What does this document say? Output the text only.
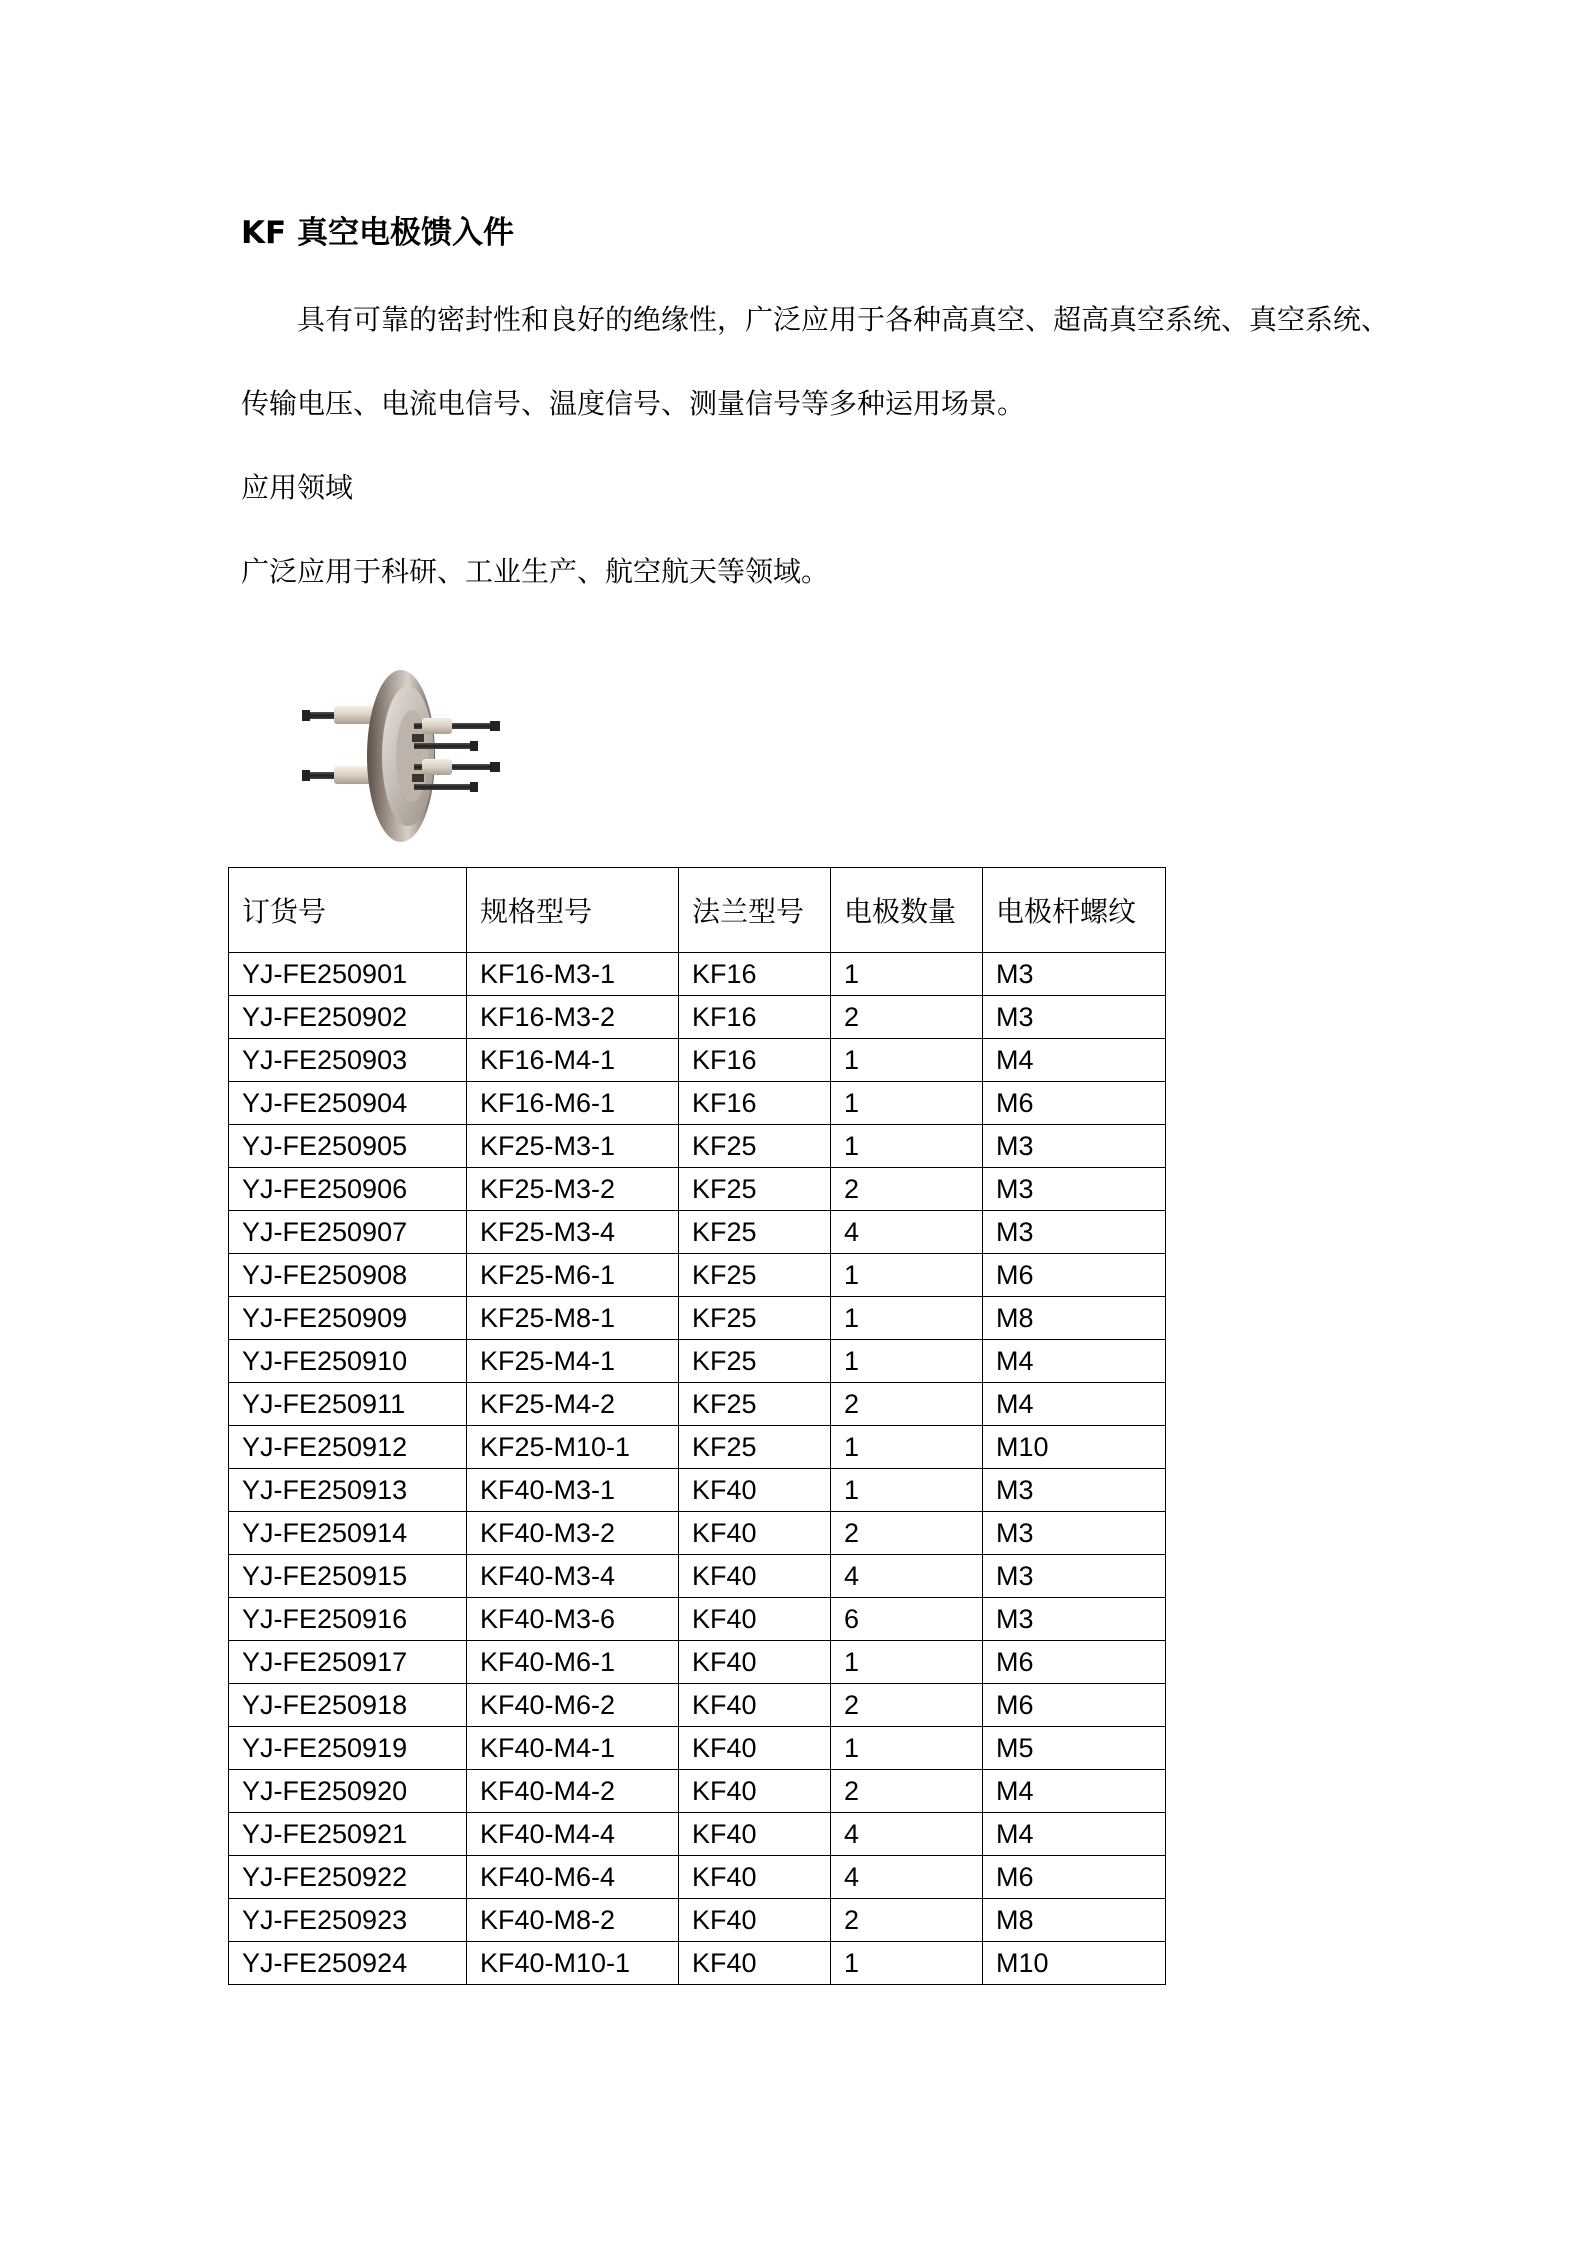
KF 真空电极馈入件
具有可靠的密封性和良好的绝缘性，广泛应用于各种高真空、超高真空系统、真空系统、
传输电压、电流电信号、温度信号、测量信号等多种运用场景。
应用领域
广泛应用于科研、工业生产、航空航天等领域。
订货号	规格型号	法兰型号	电极数量	电极杆螺纹
YJ-FE250901	KF16-M3-1	KF16	1	M3
YJ-FE250902	KF16-M3-2	KF16	2	M3
YJ-FE250903	KF16-M4-1	KF16	1	M4
YJ-FE250904	KF16-M6-1	KF16	1	M6
YJ-FE250905	KF25-M3-1	KF25	1	M3
YJ-FE250906	KF25-M3-2	KF25	2	M3
YJ-FE250907	KF25-M3-4	KF25	4	M3
YJ-FE250908	KF25-M6-1	KF25	1	M6
YJ-FE250909	KF25-M8-1	KF25	1	M8
YJ-FE250910	KF25-M4-1	KF25	1	M4
YJ-FE250911	KF25-M4-2	KF25	2	M4
YJ-FE250912	KF25-M10-1	KF25	1	M10
YJ-FE250913	KF40-M3-1	KF40	1	M3
YJ-FE250914	KF40-M3-2	KF40	2	M3
YJ-FE250915	KF40-M3-4	KF40	4	M3
YJ-FE250916	KF40-M3-6	KF40	6	M3
YJ-FE250917	KF40-M6-1	KF40	1	M6
YJ-FE250918	KF40-M6-2	KF40	2	M6
YJ-FE250919	KF40-M4-1	KF40	1	M5
YJ-FE250920	KF40-M4-2	KF40	2	M4
YJ-FE250921	KF40-M4-4	KF40	4	M4
YJ-FE250922	KF40-M6-4	KF40	4	M6
YJ-FE250923	KF40-M8-2	KF40	2	M8
YJ-FE250924	KF40-M10-1	KF40	1	M10
